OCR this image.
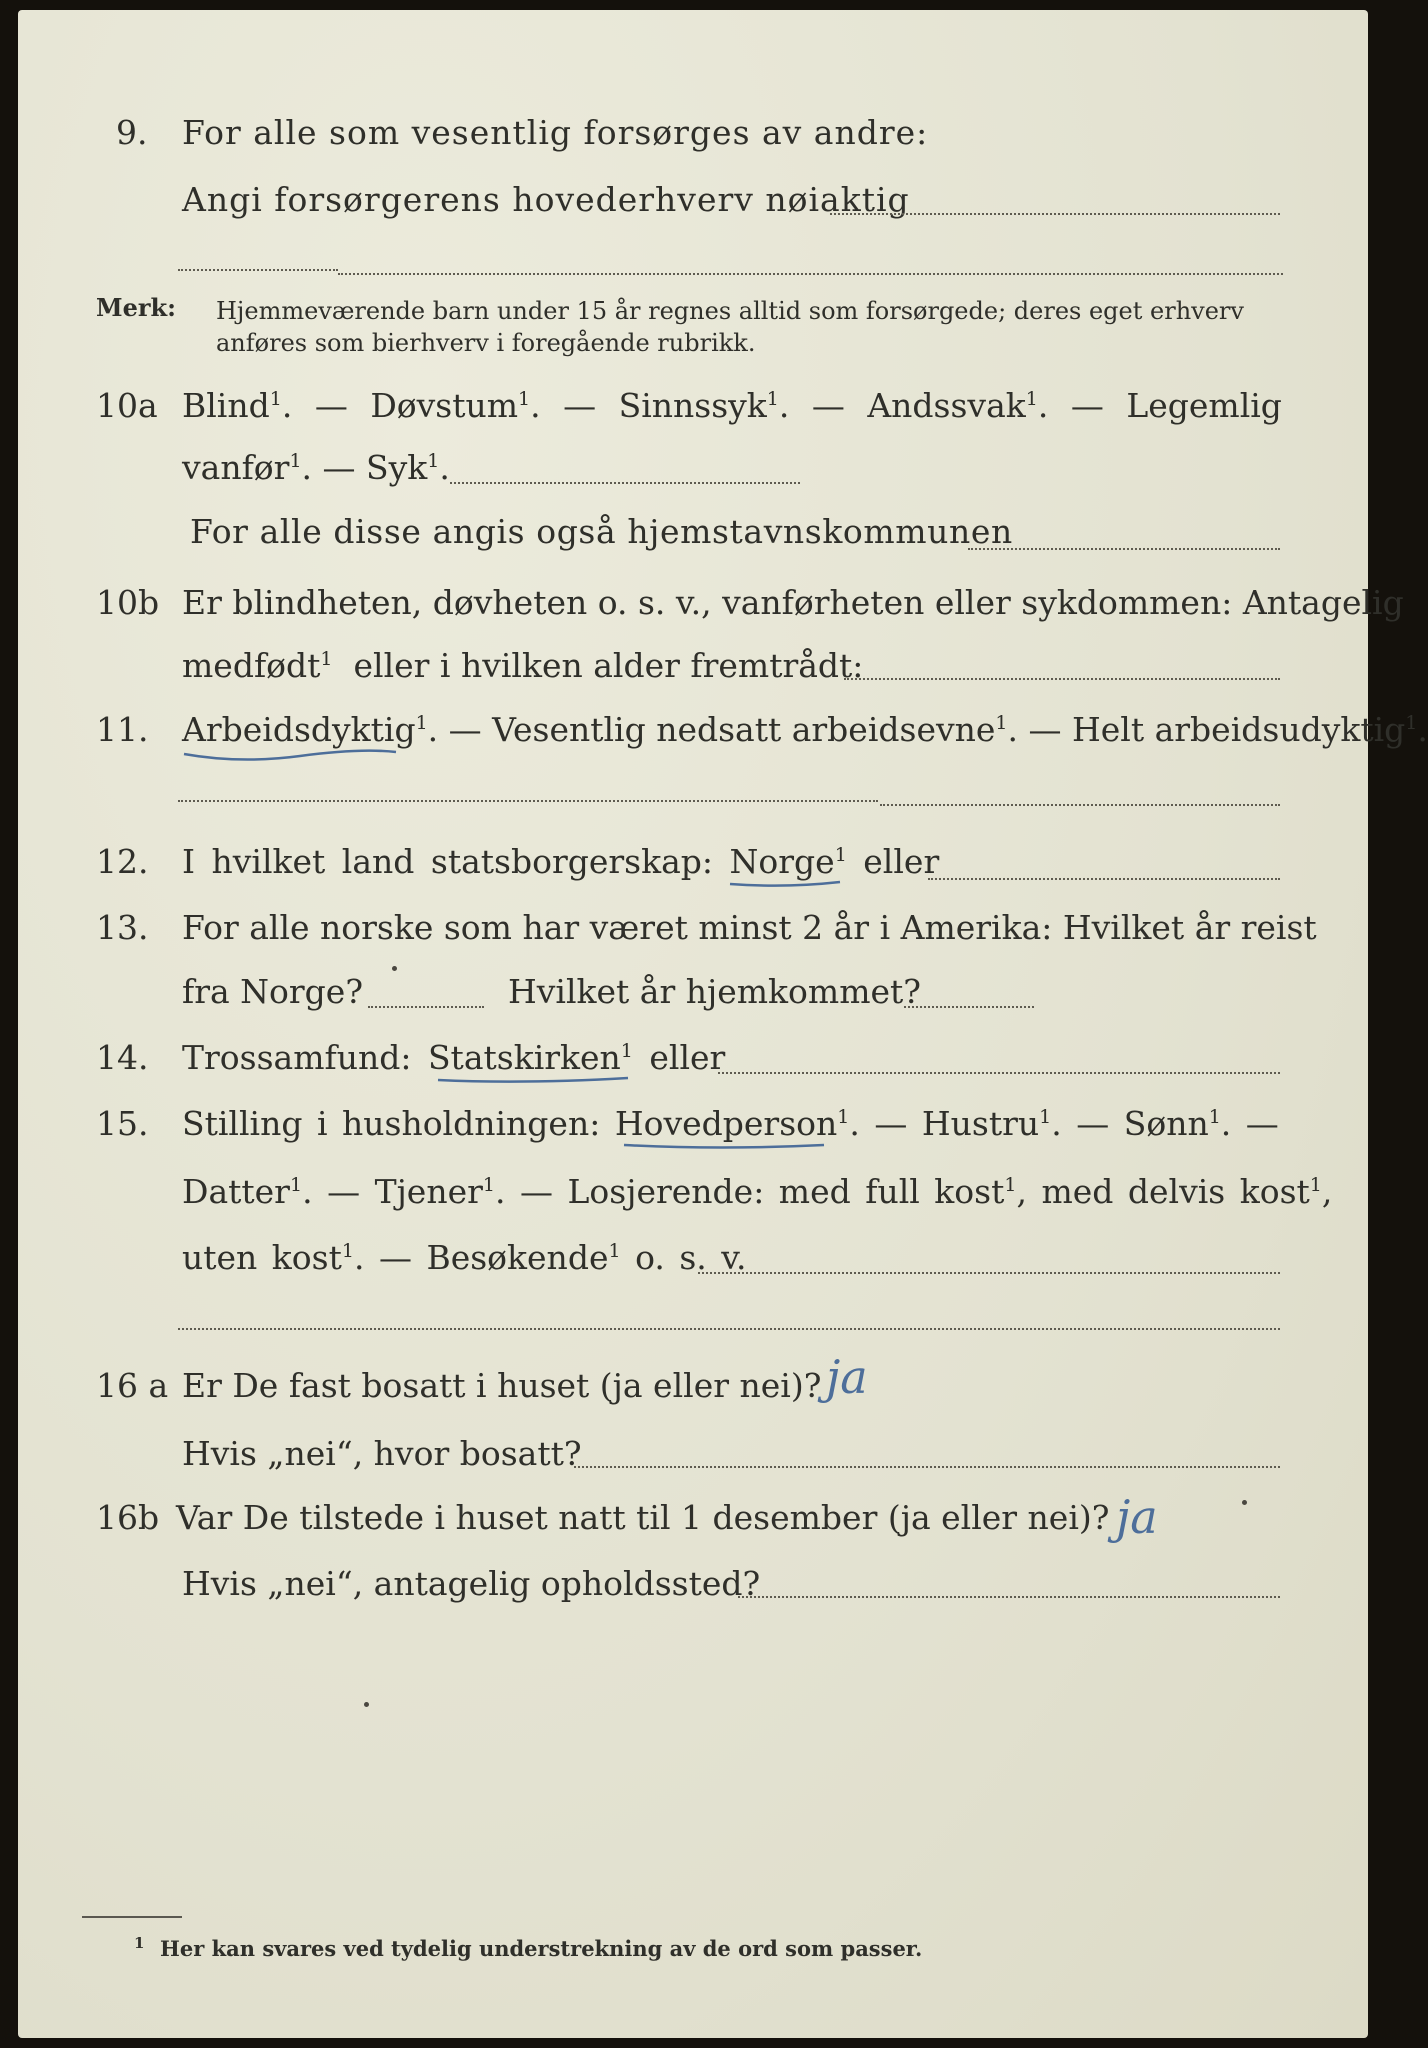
9. For alle som vesentlig forsørges av andre:
Angi forsørgerens hovederhverv nøiaktig
Merk: Hjemmeværende barn under 15 år regnes alltid som forsørgede; deres eget erhverv
anføres som bierhverv i foregående rubrikk.
10a Blind$^1$. — Døvstum$^1$. — Sinnssyk$^1$. — Andssvak$^1$. — Legemlig
vanfør$^1$. — Syk$^1$.
For alle disse angis også hjemstavnskommunen
10b Er blindheten, døvheten o. s. v., vanførheten eller sykdommen: Antagelig
medfødt$^1$ eller i hvilken alder fremtrådt:
11. Arbeidsdyktig$^1$. — Vesentlig nedsatt arbeidsevne$^1$. — Helt arbeidsudyktig$^1$.
12. I hvilket land statsborgerskap: Norge$^1$ eller
13. For alle norske som har været minst 2 år i Amerika: Hvilket år reist
fra Norge?	Hvilket år hjemkommet?
14. Trossamfund: Statskirken$^1$ eller
15. Stilling i husholdningen: Hovedperson$^1$. — Hustru$^1$. — Sønn$^1$. —
Datter$^1$. — Tjener$^1$. — Losjerende: med full kost$^1$, med delvis kost$^1$,
uten kost$^1$. — Besøkende$^1$ o. s. v.
16 a Er De fast bosatt i huset (ja eller nei)? ja
Hvis „nei“, hvor bosatt?
16b Var De tilstede i huset natt til 1 desember (ja eller nei)? ja
Hvis „nei“, antagelig opholdssted?
1 Her kan svares ved tydelig understrekning av de ord som passer.
